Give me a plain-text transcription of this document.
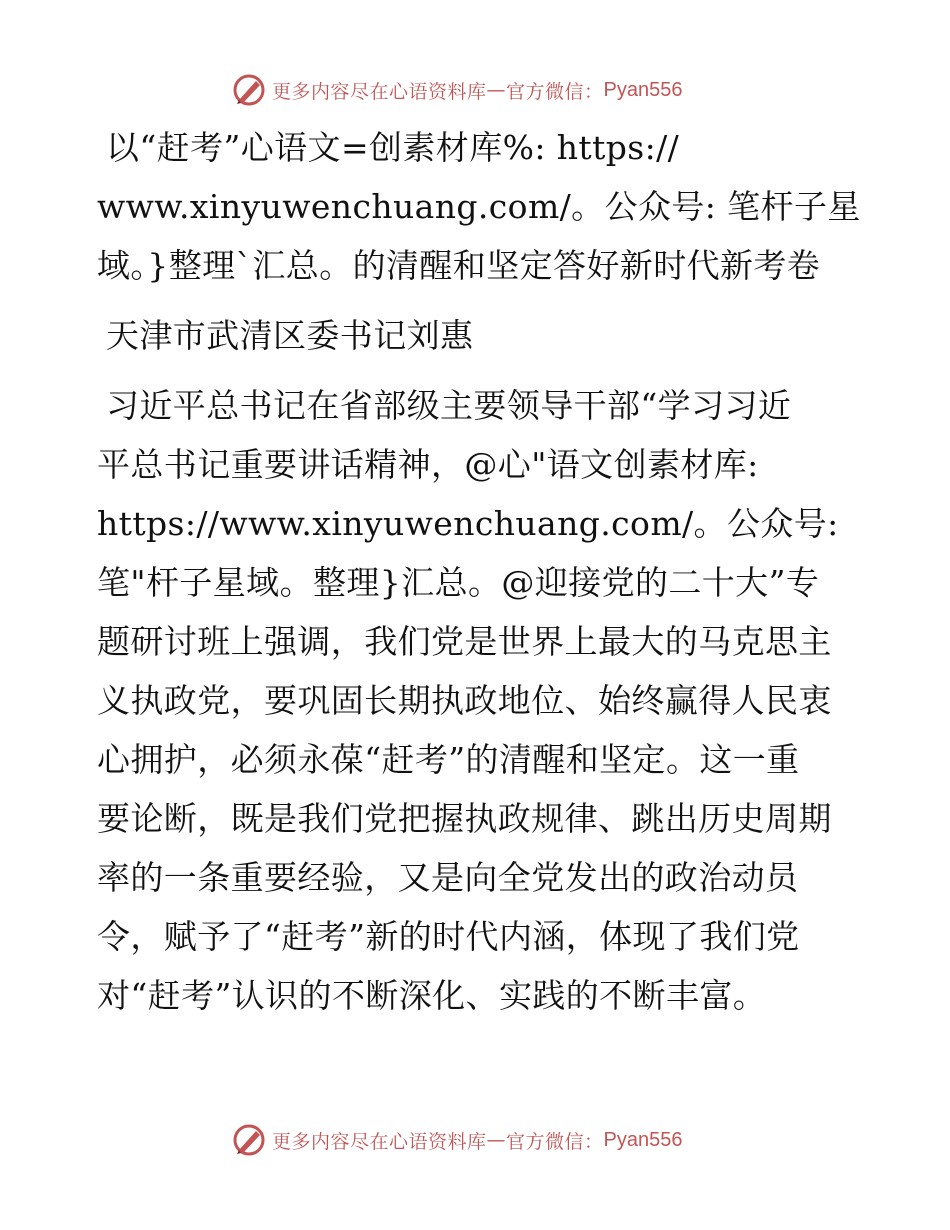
更多内容尽在心语资料库 — 官方微信： Pyan556
以“赶考”心语文=创素材库%: https://
www.xinyuwenchuang.com/。公众号: 笔杆子星
域。}整理`汇总。的清醒和坚定答好新时代新考卷
天津市武清区委书记刘惠
习近平总书记在省部级主要领导干部“学习习近
平总书记重要讲话精神，@心"语文创素材库:
https://www.xinyuwenchuang.com/。公众号:
笔"杆子星域。整理}汇总。@迎接党的二十大”专
题研讨班上强调，我们党是世界上最大的马克思主
义执政党，要巩固长期执政地位、始终赢得人民衷
心拥护，必须永葆“赶考”的清醒和坚定。这一重
要论断，既是我们党把握执政规律、跳出历史周期
率的一条重要经验，又是向全党发出的政治动员
令，赋予了“赶考”新的时代内涵，体现了我们党
对“赶考”认识的不断深化、实践的不断丰富。
更多内容尽在心语资料库 — 官方微信： Pyan556
